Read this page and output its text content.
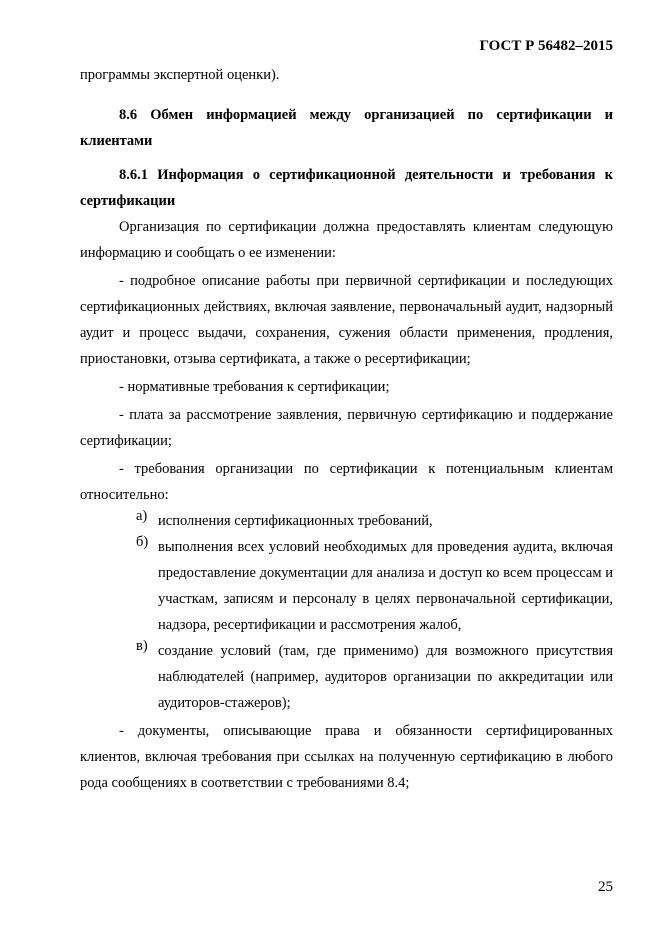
ГОСТ Р 56482–2015

программы экспертной оценки).

8.6 Обмен информацией между организацией по сертификации и клиентами

8.6.1 Информация о сертификационной деятельности и требования к сертификации

Организация по сертификации должна предоставлять клиентам следующую информацию и сообщать о ее изменении:

- подробное описание работы при первичной сертификации и последующих сертификационных действиях, включая заявление, первоначальный аудит, надзорный аудит и процесс выдачи, сохранения, сужения области применения, продления, приостановки, отзыва сертификата, а также о ресертификации;

- нормативные требования к сертификации;

- плата за рассмотрение заявления, первичную сертификацию и поддержание сертификации;

- требования организации по сертификации к потенциальным клиентам относительно:

а) исполнения сертификационных требований,

б) выполнения всех условий необходимых для проведения аудита, включая предоставление документации для анализа и доступ ко всем процессам и участкам, записям и персоналу в целях первоначальной сертификации, надзора, ресертификации и рассмотрения жалоб,

в) создание условий (там, где применимо) для возможного присутствия наблюдателей (например, аудиторов организации по аккредитации или аудиторов-стажеров);

- документы, описывающие права и обязанности сертифицированных клиентов, включая требования при ссылках на полученную сертификацию в любого рода сообщениях в соответствии с требованиями 8.4;

25
